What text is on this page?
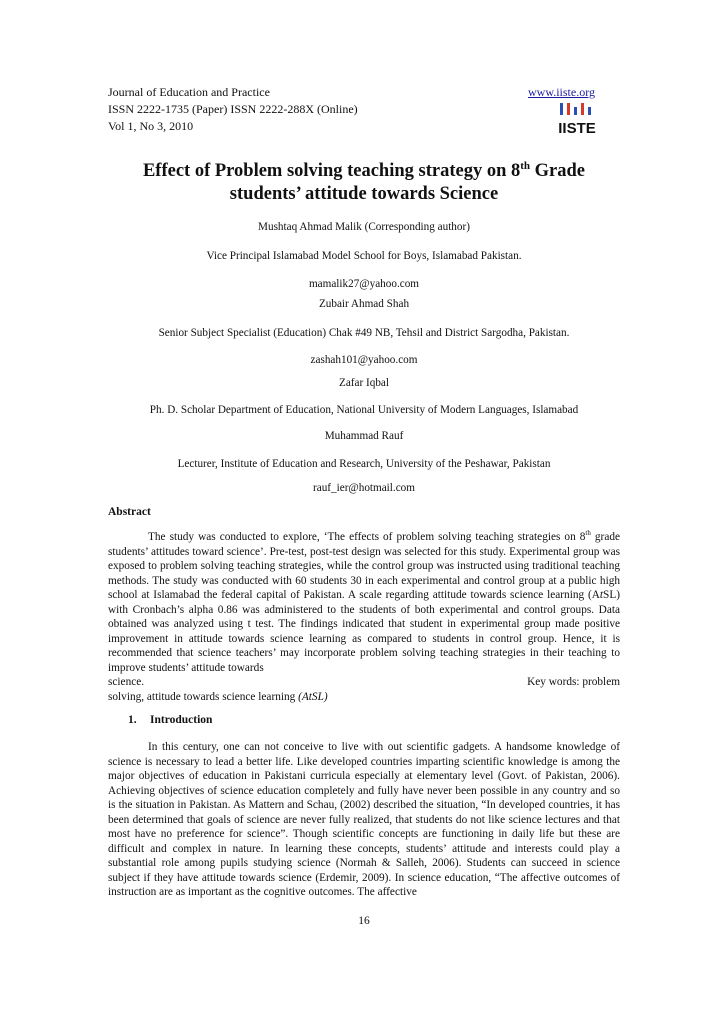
Journal of Education and Practice
ISSN 2222-1735 (Paper) ISSN 2222-288X (Online)
Vol 1, No 3, 2010
www.iiste.org
IISTE
Effect of Problem solving teaching strategy on 8th Grade
students’ attitude towards Science
Mushtaq Ahmad Malik (Corresponding author)
Vice Principal Islamabad Model School for Boys, Islamabad Pakistan.
mamalik27@yahoo.com
Zubair Ahmad Shah
Senior Subject Specialist (Education) Chak #49 NB, Tehsil and District Sargodha, Pakistan.
zashah101@yahoo.com
Zafar Iqbal
Ph. D. Scholar Department of Education, National University of Modern Languages, Islamabad
Muhammad Rauf
Lecturer, Institute of Education and Research, University of the Peshawar, Pakistan
rauf_ier@hotmail.com
Abstract
The study was conducted to explore, ‘The effects of problem solving teaching strategies on 8th grade students’ attitudes toward science’. Pre-test, post-test design was selected for this study. Experimental group was exposed to problem solving teaching strategies, while the control group was instructed using traditional teaching methods. The study was conducted with 60 students 30 in each experimental and control group at a public high school at Islamabad the federal capital of Pakistan. A scale regarding attitude towards science learning (AtSL) with Cronbach’s alpha 0.86 was administered to the students of both experimental and control groups. Data obtained was analyzed using t test. The findings indicated that student in experimental group made positive improvement in attitude towards science learning as compared to students in control group. Hence, it is recommended that science teachers’ may incorporate problem solving teaching strategies in their teaching to improve students’ attitude towards
science.	Key words: problem
solving, attitude towards science learning (AtSL)
1. Introduction
In this century, one can not conceive to live with out scientific gadgets. A handsome knowledge of science is necessary to lead a better life. Like developed countries imparting scientific knowledge is among the major objectives of education in Pakistani curricula especially at elementary level (Govt. of Pakistan, 2006). Achieving objectives of science education completely and fully have never been possible in any country and so is the situation in Pakistan. As Mattern and Schau, (2002) described the situation, “In developed countries, it has been determined that goals of science are never fully realized, that students do not like science lectures and that most have no preference for science”. Though scientific concepts are functioning in daily life but these are difficult and complex in nature. In learning these concepts, students’ attitude and interests could play a substantial role among pupils studying science (Normah & Salleh, 2006). Students can succeed in science subject if they have attitude towards science (Erdemir, 2009). In science education, “The affective outcomes of instruction are as important as the cognitive outcomes. The affective
16
